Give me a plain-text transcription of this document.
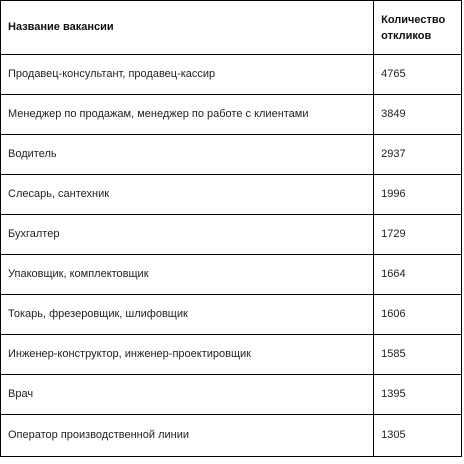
Название вакансии	Количество
откликов
Продавец-консультант, продавец-кассир	4765
Менеджер по продажам, менеджер по работе с клиентами	3849
Водитель	2937
Слесарь, сантехник	1996
Бухгалтер	1729
Упаковщик, комплектовщик	1664
Токарь, фрезеровщик, шлифовщик	1606
Инженер-конструктор, инженер-проектировщик	1585
Врач	1395
Оператор производственной линии	1305
